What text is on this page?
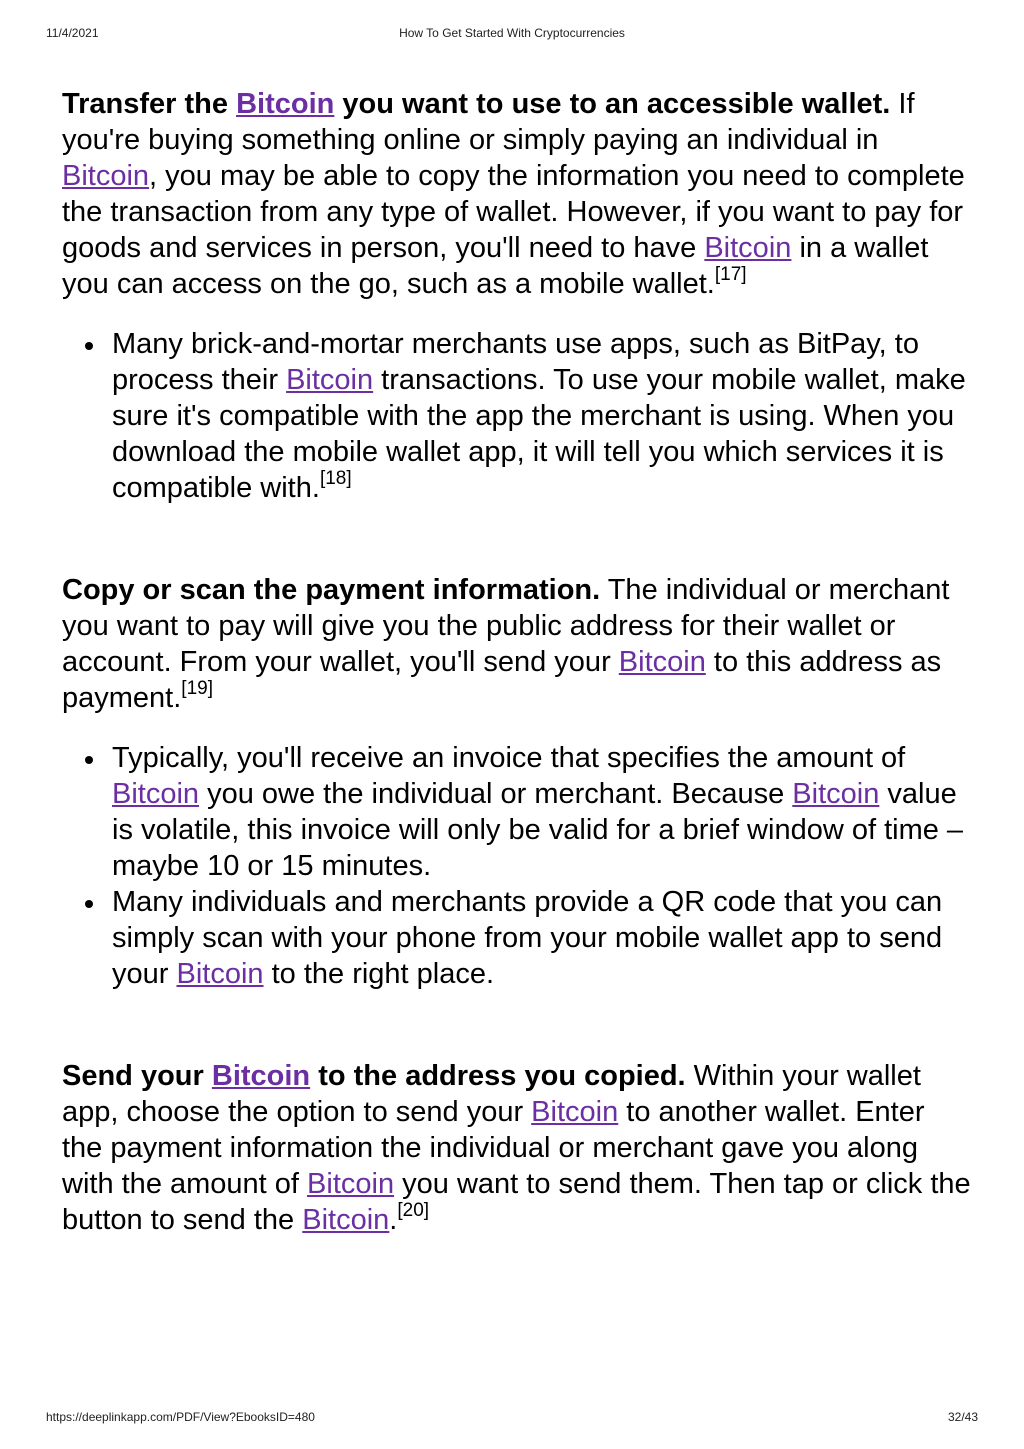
11/4/2021	How To Get Started With Cryptocurrencies

Transfer the Bitcoin you want to use to an accessible wallet. If you're buying something online or simply paying an individual in Bitcoin, you may be able to copy the information you need to complete the transaction from any type of wallet. However, if you want to pay for goods and services in person, you'll need to have Bitcoin in a wallet you can access on the go, such as a mobile wallet.[17]

Many brick-and-mortar merchants use apps, such as BitPay, to process their Bitcoin transactions. To use your mobile wallet, make sure it's compatible with the app the merchant is using. When you download the mobile wallet app, it will tell you which services it is compatible with.[18]

Copy or scan the payment information. The individual or merchant you want to pay will give you the public address for their wallet or account. From your wallet, you'll send your Bitcoin to this address as payment.[19]

Typically, you'll receive an invoice that specifies the amount of Bitcoin you owe the individual or merchant. Because Bitcoin value is volatile, this invoice will only be valid for a brief window of time – maybe 10 or 15 minutes.
Many individuals and merchants provide a QR code that you can simply scan with your phone from your mobile wallet app to send your Bitcoin to the right place.

Send your Bitcoin to the address you copied. Within your wallet app, choose the option to send your Bitcoin to another wallet. Enter the payment information the individual or merchant gave you along with the amount of Bitcoin you want to send them. Then tap or click the button to send the Bitcoin.[20]

https://deeplinkapp.com/PDF/View?EbooksID=480	32/43
